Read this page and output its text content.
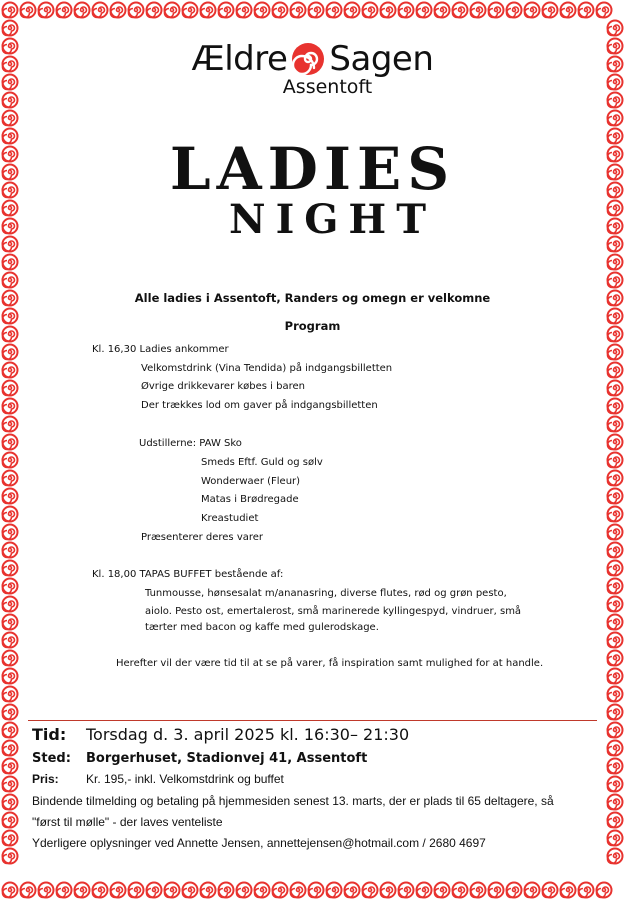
Ældre Sagen
Assentoft
LADIES
NIGHT
Alle ladies i Assentoft, Randers og omegn er velkomne
Program
Kl. 16,30 Ladies ankommer
Velkomstdrink (Vina Tendida) på indgangsbilletten
Øvrige drikkevarer købes i baren
Der trækkes lod om gaver på indgangsbilletten
Udstillerne: PAW Sko
Smeds Eftf. Guld og sølv
Wonderwaer (Fleur)
Matas i Brødregade
Kreastudiet
Præsenterer deres varer
Kl. 18,00 TAPAS BUFFET bestående af:
Tunmousse, hønsesalat m/ananasring, diverse flutes, rød og grøn pesto,
aiolo. Pesto ost, emertalerost, små marinerede kyllingespyd, vindruer, små
tærter med bacon og kaffe med gulerodskage.
Herefter vil der være tid til at se på varer, få inspiration samt mulighed for at handle.
Tid: Torsdag d. 3. april 2025 kl. 16:30– 21:30
Sted: Borgerhuset, Stadionvej 41, Assentoft
Pris: Kr. 195,- inkl. Velkomstdrink og buffet
Bindende tilmelding og betaling på hjemmesiden senest 13. marts, der er plads til 65 deltagere, så
"først til mølle" - der laves venteliste
Yderligere oplysninger ved Annette Jensen, annettejensen@hotmail.com / 2680 4697
